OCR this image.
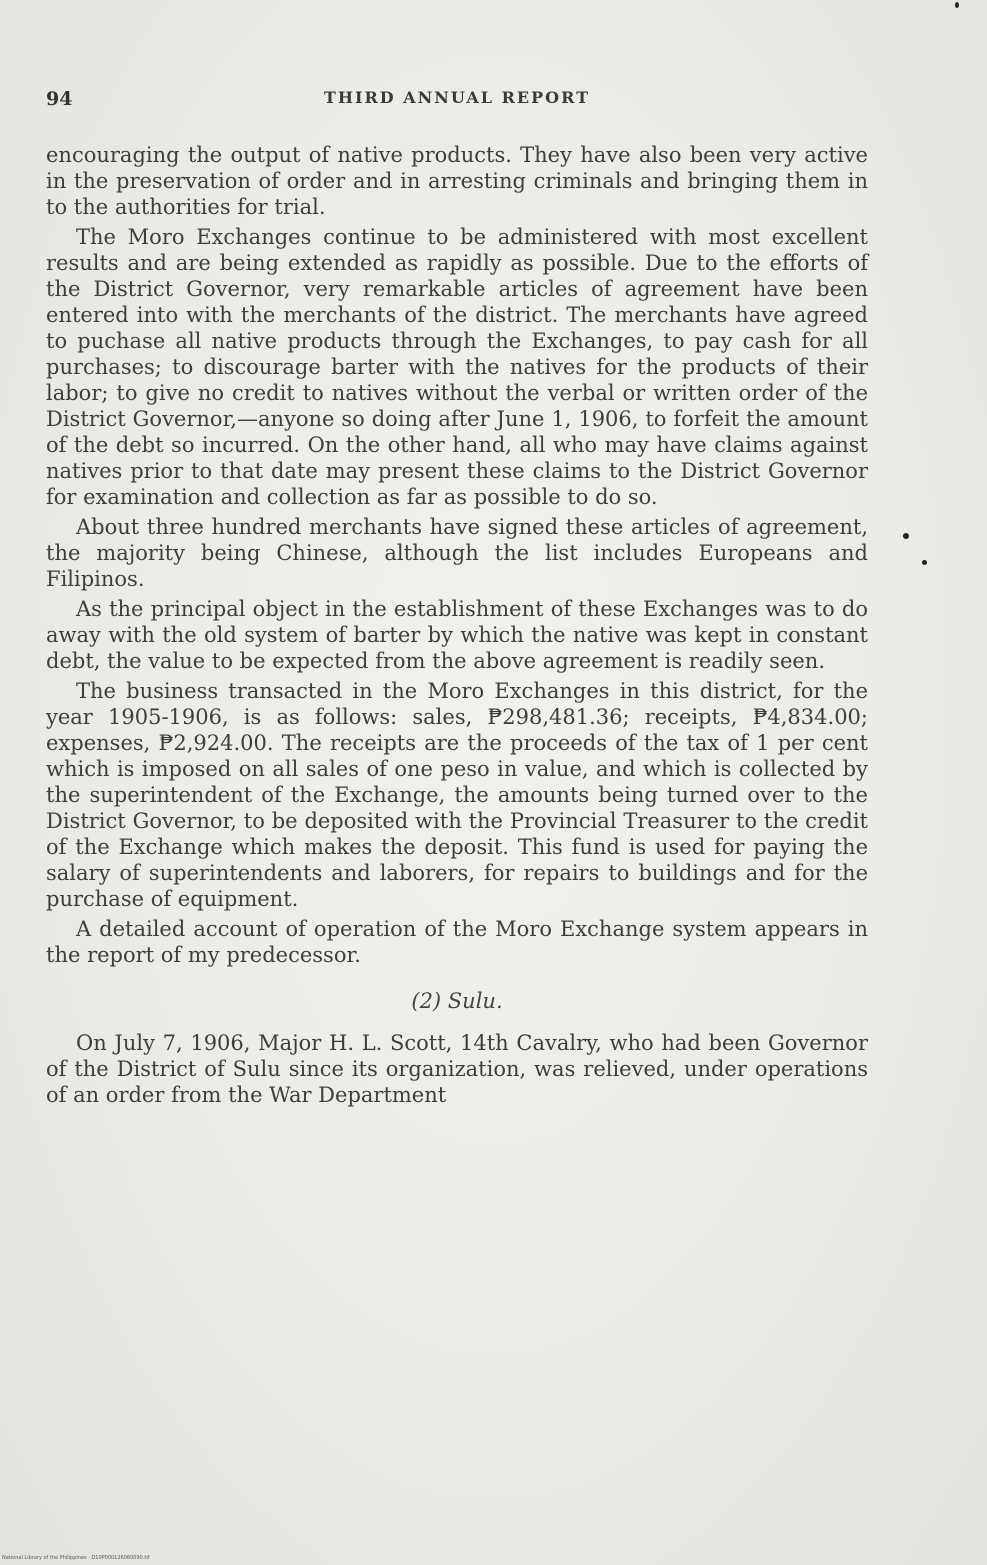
94	THIRD ANNUAL REPORT

encouraging the output of native products. They have also been very active in the preservation of order and in arresting criminals and bringing them in to the authorities for trial.

The Moro Exchanges continue to be administered with most excellent results and are being extended as rapidly as possible. Due to the efforts of the District Governor, very remarkable articles of agreement have been entered into with the merchants of the district. The merchants have agreed to puchase all native products through the Exchanges, to pay cash for all purchases; to discourage barter with the natives for the products of their labor; to give no credit to natives without the verbal or written order of the District Governor,—anyone so doing after June 1, 1906, to forfeit the amount of the debt so incurred. On the other hand, all who may have claims against natives prior to that date may present these claims to the District Governor for examination and collection as far as possible to do so.

About three hundred merchants have signed these articles of agreement, the majority being Chinese, although the list includes Europeans and Filipinos.

As the principal object in the establishment of these Exchanges was to do away with the old system of barter by which the native was kept in constant debt, the value to be expected from the above agreement is readily seen.

The business transacted in the Moro Exchanges in this district, for the year 1905-1906, is as follows: sales, ₱298,481.36; receipts, ₱4,834.00; expenses, ₱2,924.00. The receipts are the proceeds of the tax of 1 per cent which is imposed on all sales of one peso in value, and which is collected by the superintendent of the Exchange, the amounts being turned over to the District Governor, to be deposited with the Provincial Treasurer to the credit of the Exchange which makes the deposit. This fund is used for paying the salary of superintendents and laborers, for repairs to buildings and for the purchase of equipment.

A detailed account of operation of the Moro Exchange system appears in the report of my predecessor.

(2) Sulu.

On July 7, 1906, Major H. L. Scott, 14th Cavalry, who had been Governor of the District of Sulu since its organization, was relieved, under operations of an order from the War Department

National Library of the Philippines · D10P000126060090.tif
